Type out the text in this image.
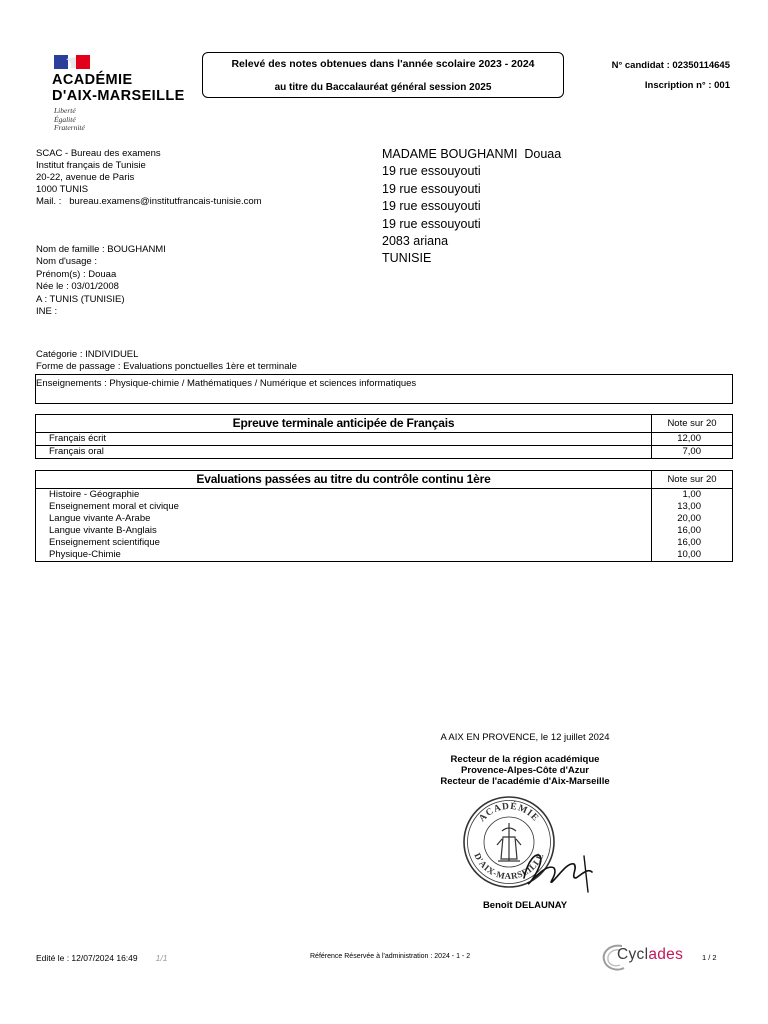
ACADÉMIE
D'AIX-MARSEILLE
Liberté
Égalité
Fraternité
Relevé des notes obtenues dans l'année scolaire 2023 - 2024
au titre du Baccalauréat général session 2025
N° candidat : 02350114645
Inscription n° : 001
SCAC - Bureau des examens
Institut français de Tunisie
20-22, avenue de Paris
1000 TUNIS
Mail. :   bureau.examens@institutfrancais-tunisie.com
MADAME BOUGHANMI  Douaa
19 rue essouyouti
19 rue essouyouti
19 rue essouyouti
19 rue essouyouti
2083 ariana
TUNISIE
Nom de famille : BOUGHANMI
Nom d'usage :
Prénom(s) : Douaa
Née le : 03/01/2008
A : TUNIS (TUNISIE)
INE :
Catégorie : INDIVIDUEL
Forme de passage : Evaluations ponctuelles 1ère et terminale
Enseignements : Physique-chimie / Mathématiques / Numérique et sciences informatiques
Epreuve terminale anticipée de Français	Note sur 20
Français écrit	12,00
Français oral	7,00
Evaluations passées au titre du contrôle continu 1ère	Note sur 20
Histoire - Géographie	1,00
Enseignement moral et civique	13,00
Langue vivante A-Arabe	20,00
Langue vivante B-Anglais	16,00
Enseignement scientifique	16,00
Physique-Chimie	10,00
A AIX EN PROVENCE, le 12 juillet 2024
Recteur de la région académique
Provence-Alpes-Côte d'Azur
Recteur de l'académie d'Aix-Marseille
ACADÉMIE
D'AIX-MARSEILLE
Benoît DELAUNAY
Edité le : 12/07/2024 16:49 1/1	Référence Réservée à l'administration : 2024 - 1 - 2	Cyclades	1 / 2
